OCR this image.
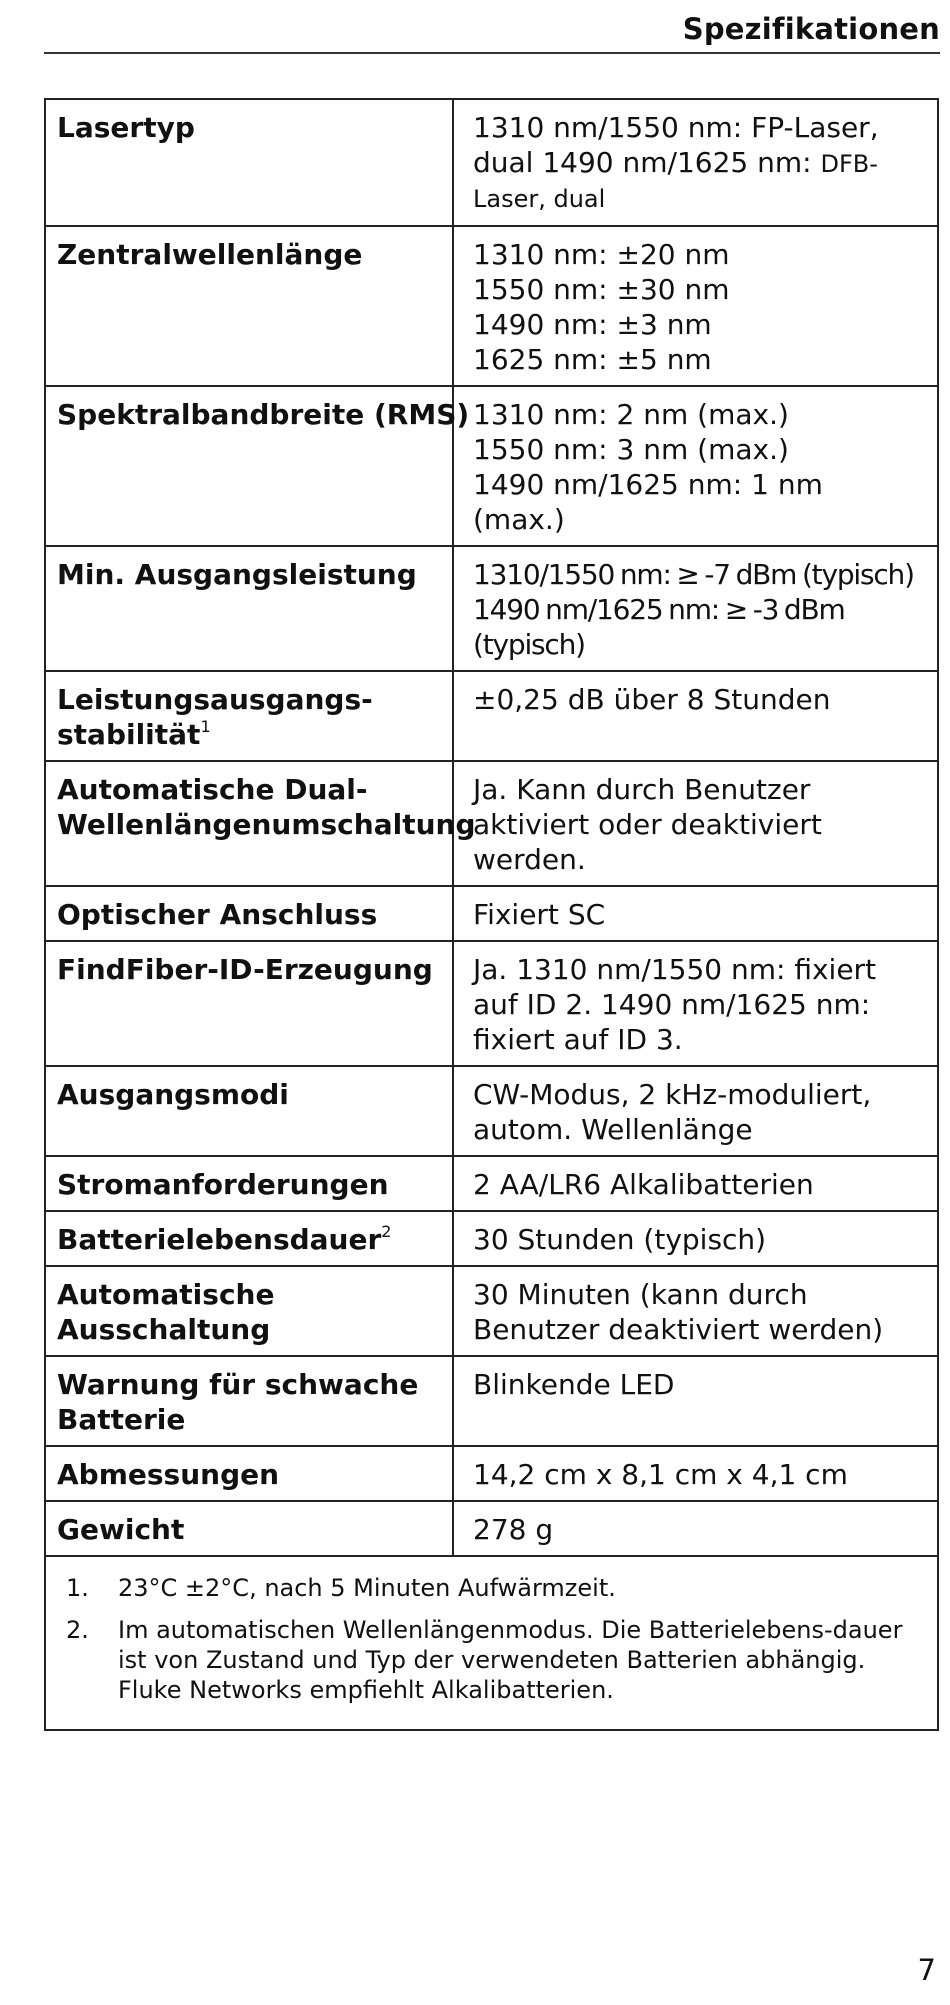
Spezifikationen
Lasertyp	1310 nm/1550 nm: FP-Laser,
dual 1490 nm/1625 nm: DFB-
Laser, dual

Zentralwellenlänge	1310 nm: ±20 nm
1550 nm: ±30 nm
1490 nm: ±3 nm
1625 nm: ±5 nm

Spektralbandbreite (RMS)	1310 nm: 2 nm (max.)
1550 nm: 3 nm (max.)
1490 nm/1625 nm: 1 nm
(max.)

Min. Ausgangsleistung	1310/1550 nm: ≥ -7 dBm (typisch)
1490 nm/1625 nm: ≥ -3 dBm
(typisch)

Leistungsausgangs-
stabilität$^1$	±0,25 dB über 8 Stunden

Automatische Dual-
Wellenlängenumschaltung	Ja. Kann durch Benutzer
aktiviert oder deaktiviert
werden.

Optischer Anschluss	Fixiert SC

FindFiber-ID-Erzeugung	Ja. 1310 nm/1550 nm: fixiert
auf ID 2. 1490 nm/1625 nm:
fixiert auf ID 3.

Ausgangsmodi	CW-Modus, 2 kHz-moduliert,
autom. Wellenlänge

Stromanforderungen	2 AA/LR6 Alkalibatterien

Batterielebensdauer$^2$	30 Stunden (typisch)

Automatische
Ausschaltung	30 Minuten (kann durch
Benutzer deaktiviert werden)

Warnung für schwache
Batterie	Blinkende LED

Abmessungen	14,2 cm x 8,1 cm x 4,1 cm

Gewicht	278 g

1. 23°C ±2°C, nach 5 Minuten Aufwärmzeit.
2. Im automatischen Wellenlängenmodus. Die Batterielebens-dauer ist von Zustand und Typ der verwendeten Batterien abhängig. Fluke Networks empfiehlt Alkalibatterien.	
7
